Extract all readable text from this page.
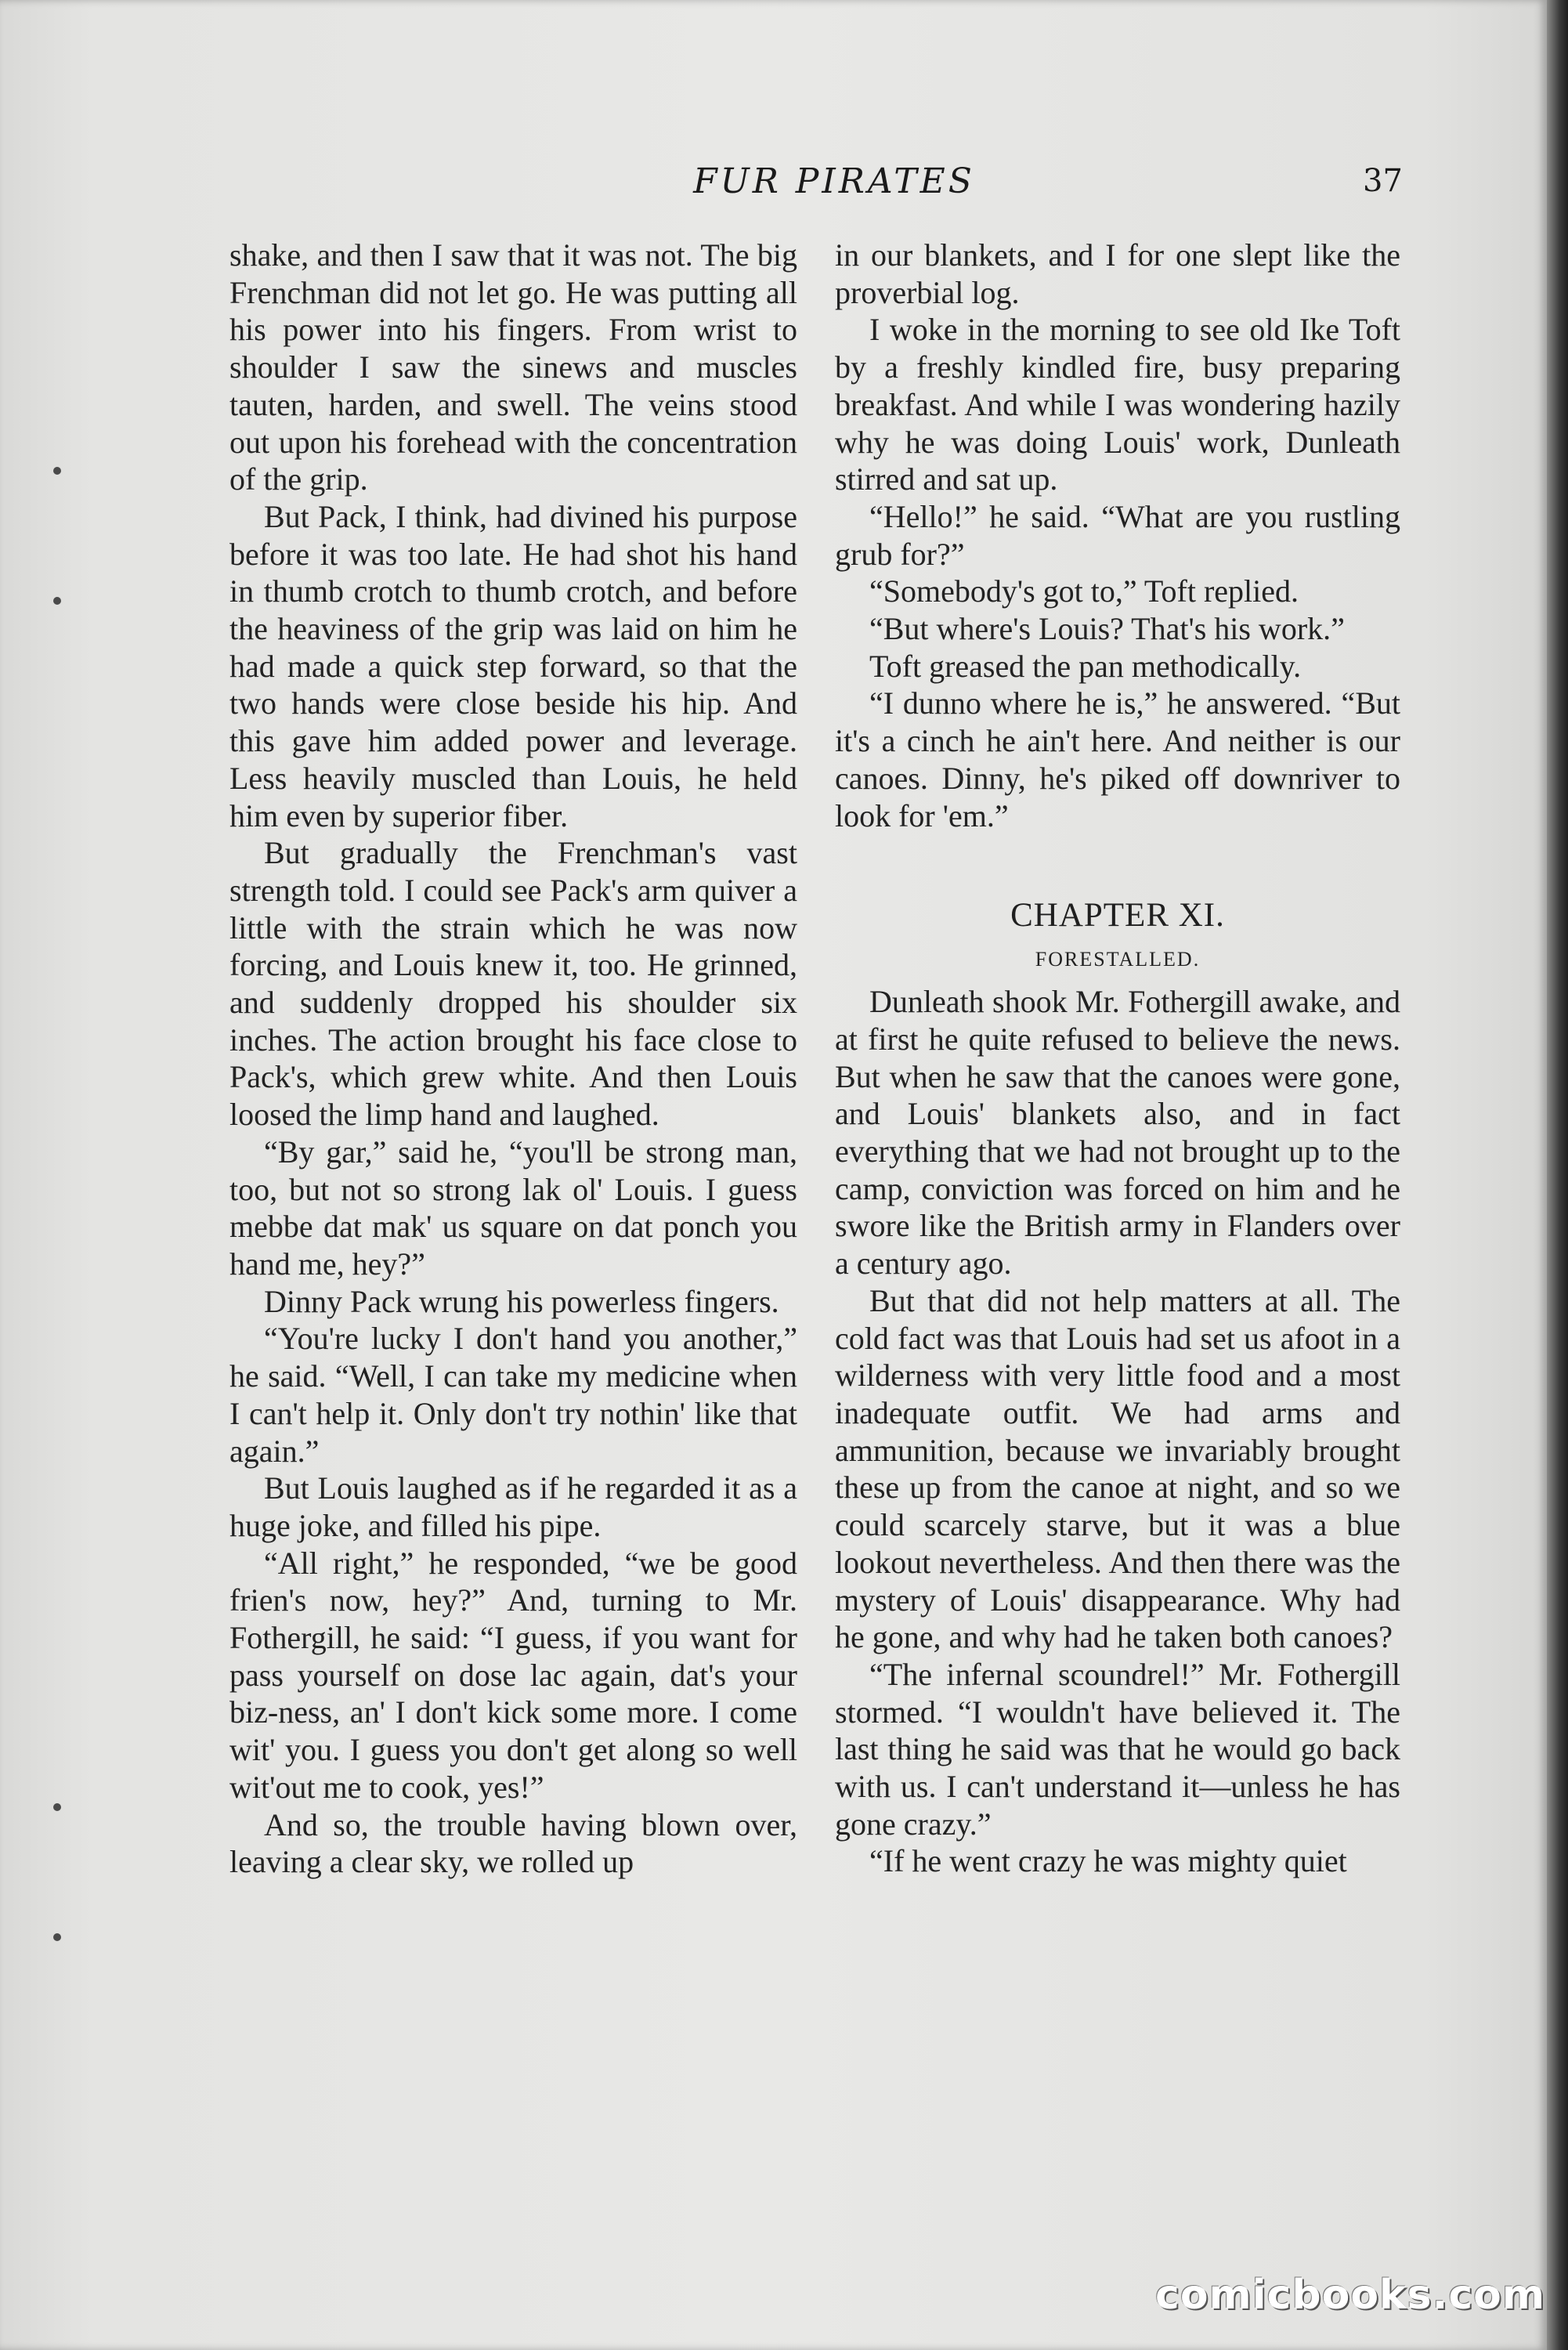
FUR PIRATES	37

shake, and then I saw that it was not. The big Frenchman did not let go. He was putting all his power into his fingers. From wrist to shoulder I saw the sinews and muscles tauten, harden, and swell. The veins stood out upon his forehead with the concentration of the grip.

But Pack, I think, had divined his purpose before it was too late. He had shot his hand in thumb crotch to thumb crotch, and before the heaviness of the grip was laid on him he had made a quick step forward, so that the two hands were close beside his hip. And this gave him added power and leverage. Less heavily muscled than Louis, he held him even by superior fiber.

But gradually the Frenchman's vast strength told. I could see Pack's arm quiver a little with the strain which he was now forcing, and Louis knew it, too. He grinned, and suddenly dropped his shoulder six inches. The action brought his face close to Pack's, which grew white. And then Louis loosed the limp hand and laughed.

“By gar,” said he, “you'll be strong man, too, but not so strong lak ol' Louis. I guess mebbe dat mak' us square on dat ponch you hand me, hey?”

Dinny Pack wrung his powerless fingers.

“You're lucky I don't hand you another,” he said. “Well, I can take my medicine when I can't help it. Only don't try nothin' like that again.”

But Louis laughed as if he regarded it as a huge joke, and filled his pipe.

“All right,” he responded, “we be good frien's now, hey?” And, turning to Mr. Fothergill, he said: “I guess, if you want for pass yourself on dose lac again, dat's your biz-ness, an' I don't kick some more. I come wit' you. I guess you don't get along so well wit'out me to cook, yes!”

And so, the trouble having blown over, leaving a clear sky, we rolled up

in our blankets, and I for one slept like the proverbial log.

I woke in the morning to see old Ike Toft by a freshly kindled fire, busy preparing breakfast. And while I was wondering hazily why he was doing Louis' work, Dunleath stirred and sat up.

“Hello!” he said. “What are you rustling grub for?”

“Somebody's got to,” Toft replied.

“But where's Louis? That's his work.”

Toft greased the pan methodically.

“I dunno where he is,” he answered. “But it's a cinch he ain't here. And neither is our canoes. Dinny, he's piked off downriver to look for 'em.”

CHAPTER XI.
FORESTALLED.

Dunleath shook Mr. Fothergill awake, and at first he quite refused to believe the news. But when he saw that the canoes were gone, and Louis' blankets also, and in fact everything that we had not brought up to the camp, conviction was forced on him and he swore like the British army in Flanders over a century ago.

But that did not help matters at all. The cold fact was that Louis had set us afoot in a wilderness with very little food and a most inadequate outfit. We had arms and ammunition, because we invariably brought these up from the canoe at night, and so we could scarcely starve, but it was a blue lookout nevertheless. And then there was the mystery of Louis' disappearance. Why had he gone, and why had he taken both canoes?

“The infernal scoundrel!” Mr. Fothergill stormed. “I wouldn't have believed it. The last thing he said was that he would go back with us. I can't understand it—unless he has gone crazy.”

“If he went crazy he was mighty quiet

comicbooks.com
